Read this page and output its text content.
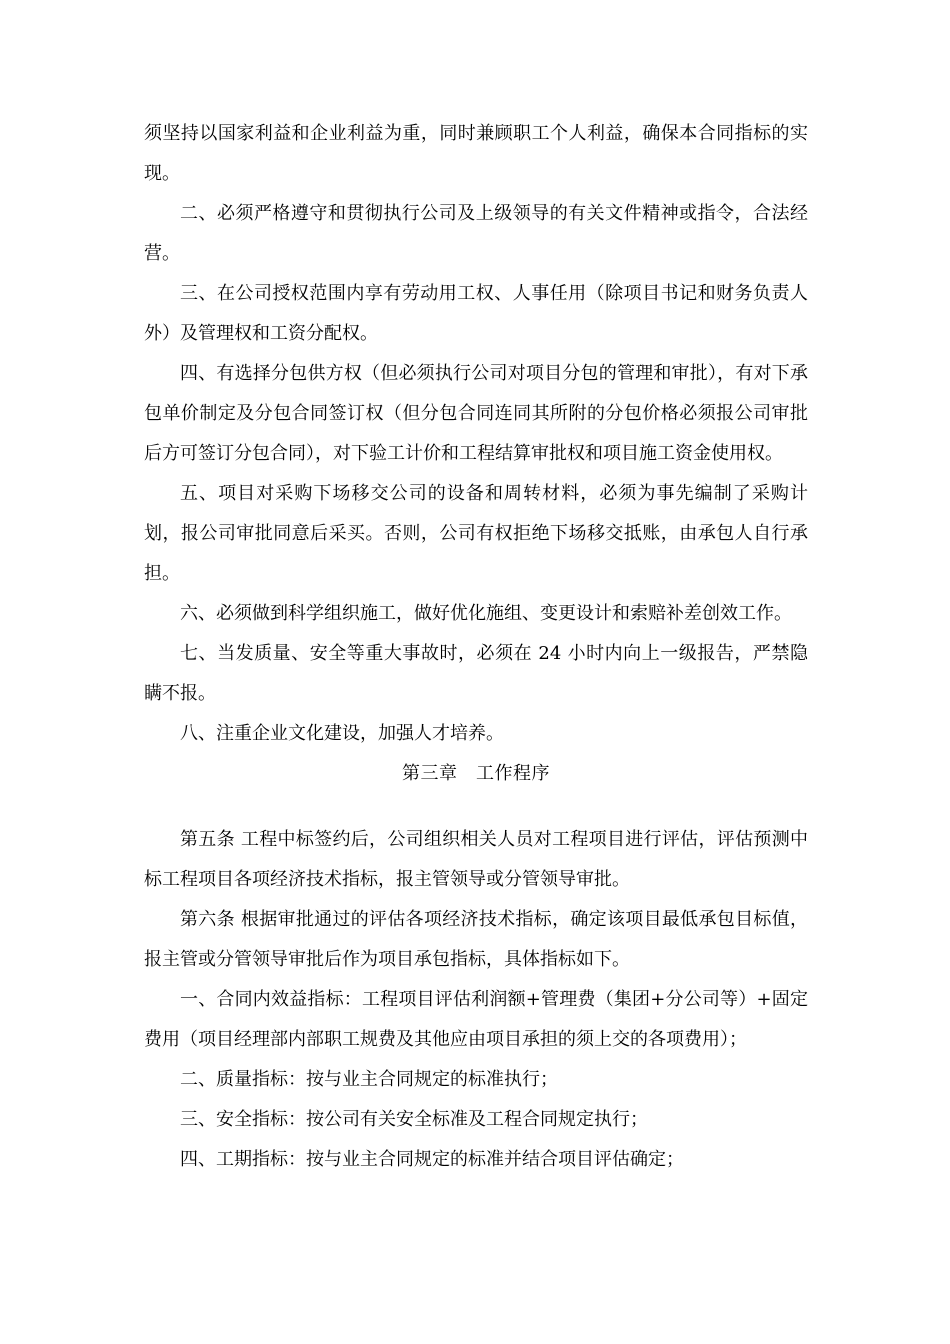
须坚持以国家利益和企业利益为重，同时兼顾职工个人利益，确保本合同指标的实现。

二、必须严格遵守和贯彻执行公司及上级领导的有关文件精神或指令，合法经营。

三、在公司授权范围内享有劳动用工权、人事任用（除项目书记和财务负责人外）及管理权和工资分配权。

四、有选择分包供方权（但必须执行公司对项目分包的管理和审批），有对下承包单价制定及分包合同签订权（但分包合同连同其所附的分包价格必须报公司审批后方可签订分包合同），对下验工计价和工程结算审批权和项目施工资金使用权。

五、项目对采购下场移交公司的设备和周转材料，必须为事先编制了采购计划，报公司审批同意后采买。否则，公司有权拒绝下场移交抵账，由承包人自行承担。

六、必须做到科学组织施工，做好优化施组、变更设计和索赔补差创效工作。

七、当发质量、安全等重大事故时，必须在 24 小时内向上一级报告，严禁隐瞒不报。

八、注重企业文化建设，加强人才培养。

第三章　工作程序

第五条 工程中标签约后，公司组织相关人员对工程项目进行评估，评估预测中标工程项目各项经济技术指标，报主管领导或分管领导审批。

第六条 根据审批通过的评估各项经济技术指标，确定该项目最低承包目标值，报主管或分管领导审批后作为项目承包指标，具体指标如下。

一、合同内效益指标：工程项目评估利润额+管理费（集团+分公司等）+固定费用（项目经理部内部职工规费及其他应由项目承担的须上交的各项费用）；

二、质量指标：按与业主合同规定的标准执行；

三、安全指标：按公司有关安全标准及工程合同规定执行；

四、工期指标：按与业主合同规定的标准并结合项目评估确定；
